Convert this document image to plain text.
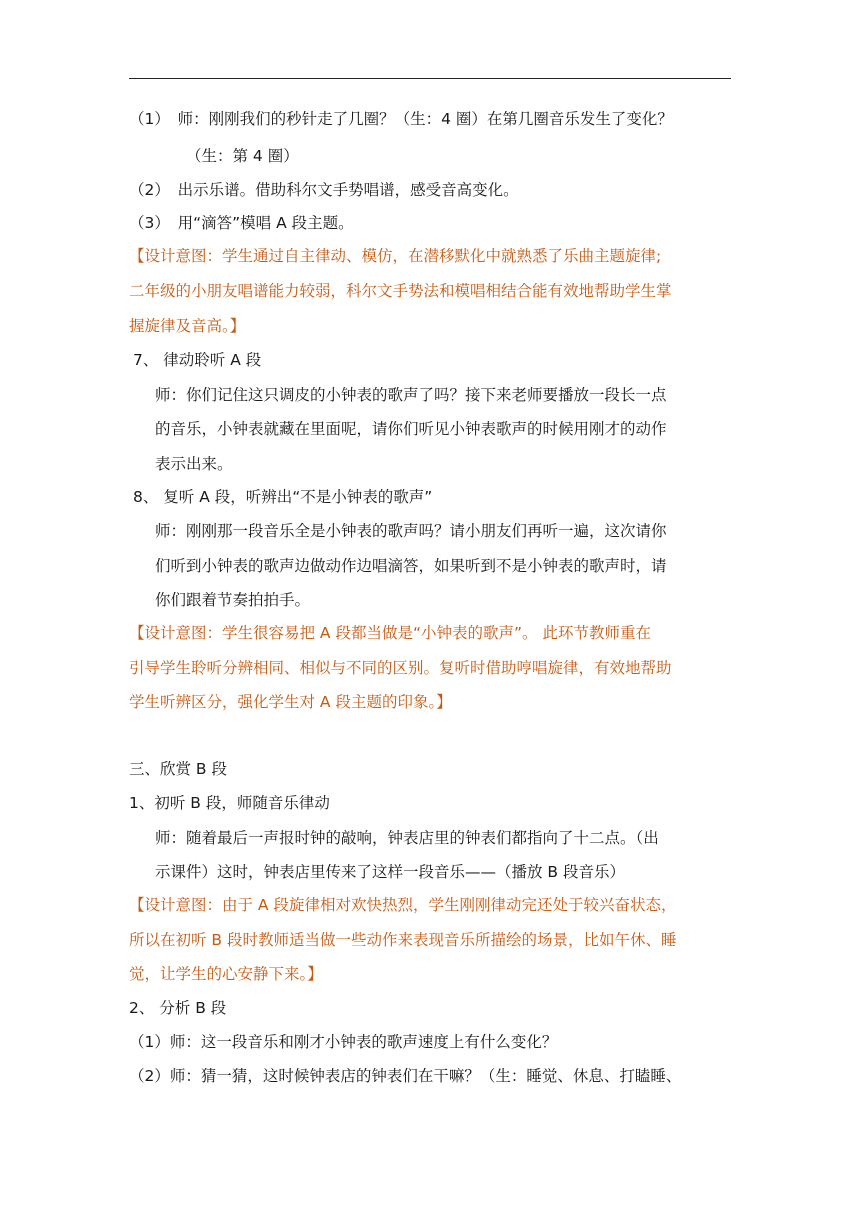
（1）　师：刚刚我们的秒针走了几圈？（生：4 圈）在第几圈音乐发生了变化？
（生：第 4 圈）
（2）　出示乐谱。借助科尔文手势唱谱，感受音高变化。
（3）　用“滴答”模唱 A 段主题。
【设计意图：学生通过自主律动、模仿，在潜移默化中就熟悉了乐曲主题旋律;
二年级的小朋友唱谱能力较弱，科尔文手势法和模唱相结合能有效地帮助学生掌
握旋律及音高。】
7、 律动聆听 A 段
师：你们记住这只调皮的小钟表的歌声了吗？接下来老师要播放一段长一点
的音乐，小钟表就藏在里面呢，请你们听见小钟表歌声的时候用刚才的动作
表示出来。
8、 复听 A 段，听辨出“不是小钟表的歌声”
师：刚刚那一段音乐全是小钟表的歌声吗？请小朋友们再听一遍，这次请你
们听到小钟表的歌声边做动作边唱滴答，如果听到不是小钟表的歌声时，请
你们跟着节奏拍拍手。
【设计意图：学生很容易把 A 段都当做是“小钟表的歌声”。 此环节教师重在
引导学生聆听分辨相同、相似与不同的区别。复听时借助哼唱旋律，有效地帮助
学生听辨区分，强化学生对 A 段主题的印象。】
三、欣赏 B 段
1、初听 B 段，师随音乐律动
师：随着最后一声报时钟的敲响，钟表店里的钟表们都指向了十二点。（出
示课件）这时，钟表店里传来了这样一段音乐——（播放 B 段音乐）
【设计意图：由于 A 段旋律相对欢快热烈，学生刚刚律动完还处于较兴奋状态，
所以在初听 B 段时教师适当做一些动作来表现音乐所描绘的场景，比如午休、睡
觉，让学生的心安静下来。】
2、 分析 B 段
（1）师：这一段音乐和刚才小钟表的歌声速度上有什么变化？
（2）师：猜一猜，这时候钟表店的钟表们在干嘛？（生：睡觉、休息、打瞌睡、
